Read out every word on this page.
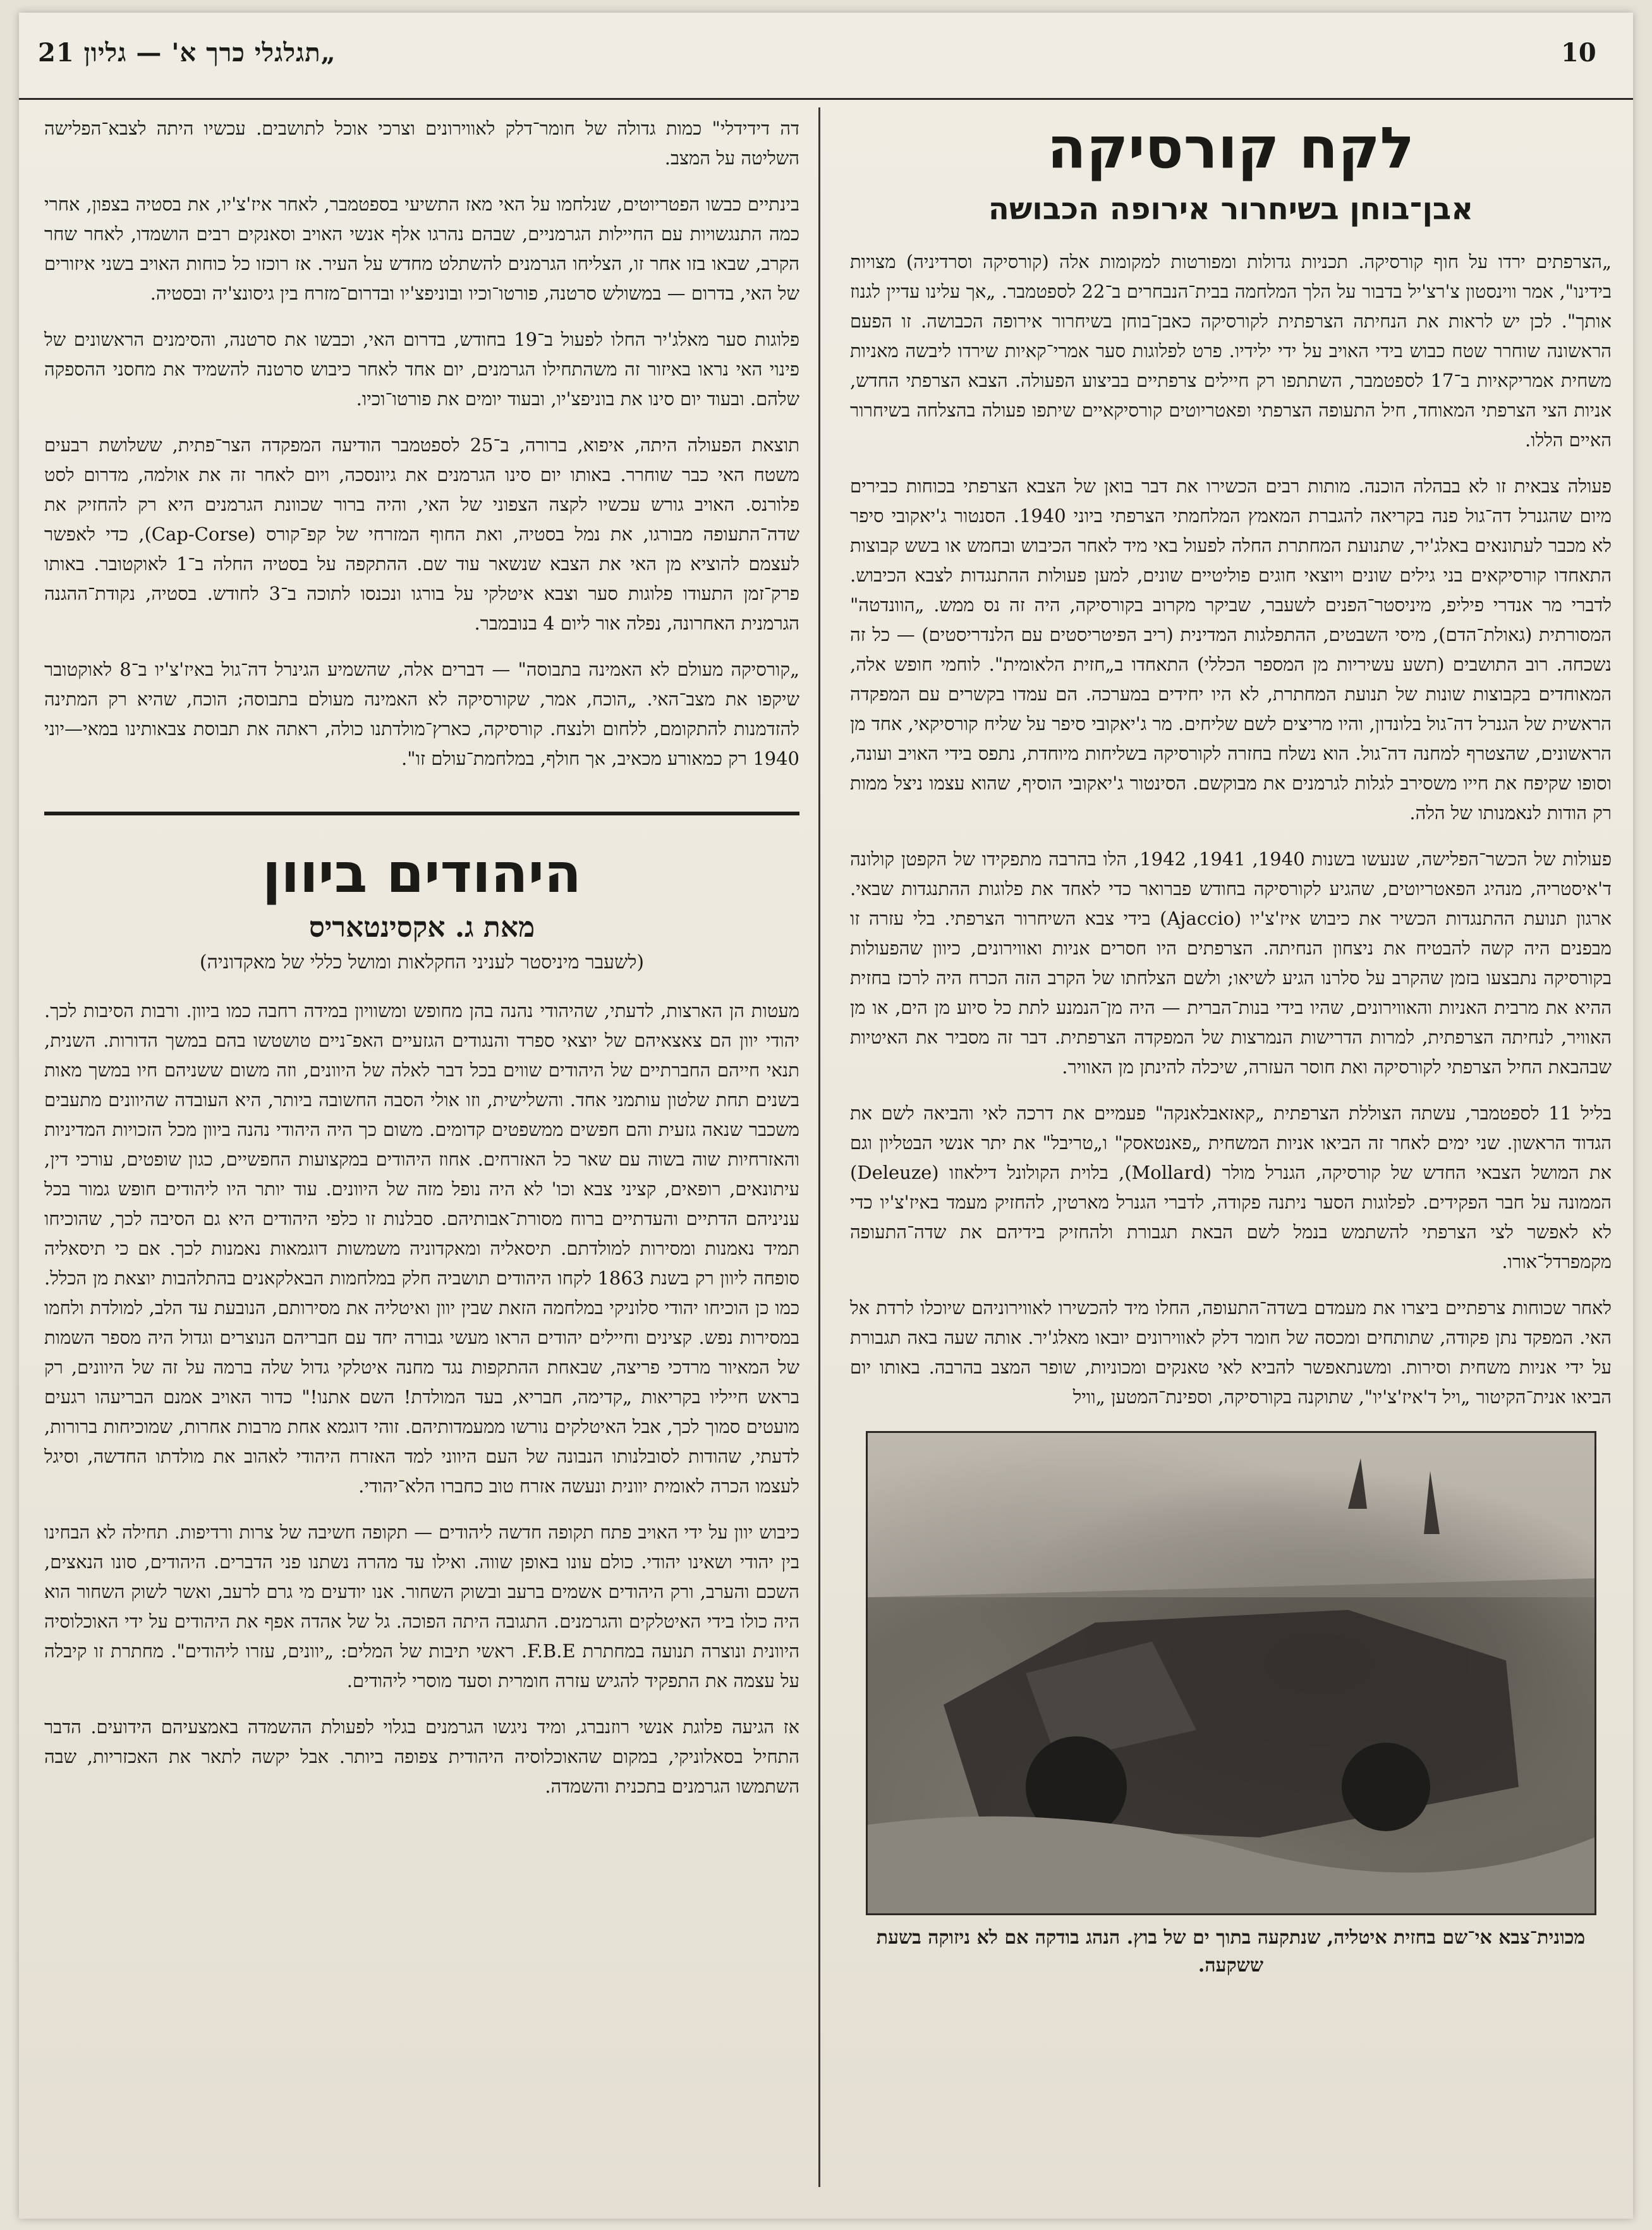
10
„תגלגלי כרך א' — גליון 21
לקח קורסיקה
אבן־בוחן בשיחרור אירופה הכבושה

„הצרפתים ירדו על חוף קורסיקה. תכניות גדולות ומפורטות למקומות אלה (קורסיקה וסרדיניה) מצויות בידינו", אמר ווינסטון צ'רצ'יל בדבור על הלך המלחמה בבית־הנבחרים ב־22 לספטמבר. „אך עלינו עדיין לגנוז אותך". לכן יש לראות את הנחיתה הצרפתית לקורסיקה כאבן־בוחן בשיחרור אירופה הכבושה. זו הפעם הראשונה שוחרר שטח כבוש בידי האויב על ידי ילידיו. פרט לפלוגות סער אמרי־קאיות שירדו ליבשה מאניות משחית אמריקאיות ב־17 לספטמבר, השתתפו רק חיילים צרפתיים בביצוע הפעולה. הצבא הצרפתי החדש, אניות הצי הצרפתי המאוחד, חיל התעופה הצרפתי ופאטריוטים קורסיקאיים שיתפו פעולה בהצלחה בשיחרור האיים הללו.

פעולה צבאית זו לא בבהלה הוכנה. מותות רבים הכשירו את דבר בואן של הצבא הצרפתי בכוחות כבירים מיום שהגנרל דה־גול פנה בקריאה להגברת המאמץ המלחמתי הצרפתי ביוני 1940. הסנטור ג'יאקובי סיפר לא מכבר לעתונאים באלג'יר, שתנועת המחתרת החלה לפעול באי מיד לאחר הכיבוש ובחמש או בשש קבוצות התאחדו קורסיקאים בני גילים שונים ויוצאי חוגים פוליטיים שונים, למען פעולות ההתנגדות לצבא הכיבוש. לדברי מר אנדרי פיליפ, מיניסטר־הפנים לשעבר, שביקר מקרוב בקורסיקה, היה זה נס ממש. „הוונדטה" המסורתית (גאולת־הדם), מיסי השבטים, ההתפלגות המדינית (ריב הפיטריסטים עם הלנדריסטים) — כל זה נשכחה. רוב התושבים (תשע עשיריות מן המספר הכללי) התאחדו ב„חזית הלאומית". לוחמי חופש אלה, המאוחדים בקבוצות שונות של תנועת המחתרת, לא היו יחידים במערכה. הם עמדו בקשרים עם המפקדה הראשית של הגנרל דה־גול בלונדון, והיו מריצים לשם שליחים. מר ג'יאקובי סיפר על שליח קורסיקאי, אחד מן הראשונים, שהצטרף למחנה דה־גול. הוא נשלח בחזרה לקורסיקה בשליחות מיוחדת, נתפס בידי האויב ועונה, וסופו שקיפח את חייו משסירב לגלות לגרמנים את מבוקשם. הסינטור ג'יאקובי הוסיף, שהוא עצמו ניצל ממות רק הודות לנאמנותו של הלה.

פעולות של הכשר־הפלישה, שנעשו בשנות 1940, 1941, 1942, הלו בהרבה מתפקידו של הקפטן קולונה ד'איסטריה, מנהיג הפאטריוטים, שהגיע לקורסיקה בחודש פברואר כדי לאחד את פלוגות ההתנגדות שבאי. ארגון תנועת ההתנגדות הכשיר את כיבוש איז'צ'יו (Ajaccio) בידי צבא השיחרור הצרפתי. בלי עזרה זו מבפנים היה קשה להבטיח את ניצחון הנחיתה. הצרפתים היו חסרים אניות ואווירונים, כיוון שהפעולות בקורסיקה נתבצעו בזמן שהקרב על סלרנו הגיע לשיאו; ולשם הצלחתו של הקרב הזה הכרח היה לרכז בחזית ההיא את מרבית האניות והאווירונים, שהיו בידי בנות־הברית — היה מן־הנמנע לתת כל סיוע מן הים, או מן האוויר, לנחיתה הצרפתית, למרות הדרישות הנמרצות של המפקדה הצרפתית. דבר זה מסביר את האיטיות שבהבאת החיל הצרפתי לקורסיקה ואת חוסר העזרה, שיכלה להינתן מן האוויר.

בליל 11 לספטמבר, עשתה הצוללת הצרפתית „קאזאבלאנקה" פעמיים את דרכה לאי והביאה לשם את הגדוד הראשון. שני ימים לאחר זה הביאו אניות המשחית „פאנטאסק" ו„טריבל" את יתר אנשי הבטליון וגם את המושל הצבאי החדש של קורסיקה, הגנרל מולר (Mollard), בלוית הקולונל דילאוזו (Deleuze) הממונה על חבר הפקידים. לפלוגות הסער ניתנה פקודה, לדברי הגנרל מארטין, להחזיק מעמד באיז'צ'יו כדי לא לאפשר לצי הצרפתי להשתמש בנמל לשם הבאת תגבורת ולהחזיק בידיהם את שדה־התעופה מקמפרדל־אורו.

לאחר שכוחות צרפתיים ביצרו את מעמדם בשדה־התעופה, החלו מיד להכשירו לאווירוניהם שיוכלו לרדת אל האי. המפקד נתן פקודה, שתותחים ומכסה של חומר דלק לאווירונים יובאו מאלג'יר. אותה שעה באה תגבורת על ידי אניות משחית וסירות. ומשנתאפשר להביא לאי טאנקים ומכוניות, שופר המצב בהרבה. באותו יום הביאו אנית־הקיטור „ויל ד'איז'צ'יו", שתוקנה בקורסיקה, וספינת־המטען „וויל

מכונית־צבא אי־שם בחזית איטליה, שנתקעה בתוך ים של בוץ. הנהג בודקה אם לא ניזוקה בשעת ששקעה.

דה דידידלי" כמות גדולה של חומר־דלק לאווירונים וצרכי אוכל לתושבים. עכשיו היתה לצבא־הפלישה השליטה על המצב.

בינתיים כבשו הפטריוטים, שנלחמו על האי מאז התשיעי בספטמבר, לאחר איז'צ'יו, את בסטיה בצפון, אחרי כמה התנגשויות עם החיילות הגרמניים, שבהם נהרגו אלף אנשי האויב וסאנקים רבים הושמדו, לאחר שחר הקרב, שבאו בזו אחר זו, הצליחו הגרמנים להשתלט מחדש על העיר. אז רוכזו כל כוחות האויב בשני איזורים של האי, בדרום — במשולש סרטנה, פורטו־וכיו ובוניפצ'יו ובדרום־מזרח בין גיסונצ'יה ובסטיה.

פלוגות סער מאלג'יר החלו לפעול ב־19 בחודש, בדרום האי, וכבשו את סרטנה, והסימנים הראשונים של פינוי האי נראו באיזור זה משהתחילו הגרמנים, יום אחד לאחר כיבוש סרטנה להשמיד את מחסני ההספקה שלהם. ובעוד יום סינו את בוניפצ'יו, ובעוד יומים את פורטו־וכיו.

תוצאת הפעולה היתה, איפוא, ברורה, ב־25 לספטמבר הודיעה המפקדה הצר־פתית, ששלושת רבעים משטח האי כבר שוחרר. באותו יום סינו הגרמנים את גיונסכה, ויום לאחר זה את אולמה, מדרום לסט פלורנס. האויב גורש עכשיו לקצה הצפוני של האי, והיה ברור שכוונת הגרמנים היא רק להחזיק את שדה־התעופה מבורגו, את נמל בסטיה, ואת החוף המזרחי של קפ־קורס (Cap-Corse), כדי לאפשר לעצמם להוציא מן האי את הצבא שנשאר עוד שם. ההתקפה על בסטיה החלה ב־1 לאוקטובר. באותו פרק־זמן התעודו פלוגות סער וצבא איטלקי על בורגו ונכנסו לתוכה ב־3 לחודש. בסטיה, נקודת־ההגנה הגרמנית האחרונה, נפלה אור ליום 4 בנובמבר.

„קורסיקה מעולם לא האמינה בתבוסה" — דברים אלה, שהשמיע הגינרל דה־גול באיז'צ'יו ב־8 לאוקטובר שיקפו את מצב־האי. „הוכח, אמר, שקורסיקה לא האמינה מעולם בתבוסה; הוכח, שהיא רק המתינה להזדמנות להתקומם, ללחום ולנצח. קורסיקה, כארץ־מולדתנו כולה, ראתה את תבוסת צבאותינו במאי—יוני 1940 רק כמאורע מכאיב, אך חולף, במלחמת־עולם זו".

היהודים ביוון
מאת ג. אקסינטאריס
(לשעבר מיניסטר לעניני החקלאות ומושל כללי של מאקדוניה)

מעטות הן הארצות, לדעתי, שהיהודי נהנה בהן מחופש ומשוויון במידה רחבה כמו ביוון. ורבות הסיבות לכך. יהודי יוון הם צאצאיהם של יוצאי ספרד והנגודים הגזעיים האפ־ניים טושטשו בהם במשך הדורות. השנית, תנאי חייהם החברתיים של היהודים שווים בכל דבר לאלה של היוונים, וזה משום ששניהם חיו במשך מאות בשנים תחת שלטון עותמני אחד. והשלישית, וזו אולי הסבה החשובה ביותר, היא העובדה שהיוונים מתעבים משכבר שנאה גזעית והם חפשים ממשפטים קדומים. משום כך היה היהודי נהנה ביוון מכל הזכויות המדיניות והאזרחיות שוה בשוה עם שאר כל האזרחים. אחוז היהודים במקצועות החפשיים, כגון שופטים, עורכי דין, עיתונאים, רופאים, קציני צבא וכו' לא היה נופל מזה של היוונים. עוד יותר היו ליהודים חופש גמור בכל עניניהם הדתיים והעדתיים ברוח מסורת־אבותיהם. סבלנות זו כלפי היהודים היא גם הסיבה לכך, שהוכיחו תמיד נאמנות ומסירות למולדתם. תיסאליה ומאקדוניה משמשות דוגמאות נאמנות לכך. אם כי תיסאליה סופחה ליוון רק בשנת 1863 לקחו היהודים תושביה חלק במלחמות הבאלקאנים בהתלהבות יוצאת מן הכלל. כמו כן הוכיחו יהודי סלוניקי במלחמה הזאת שבין יוון ואיטליה את מסירותם, הנובעת עד הלב, למולדת ולחמו במסירות נפש. קצינים וחיילים יהודים הראו מעשי גבורה יחד עם חבריהם הנוצרים וגדול היה מספר השמות של המאיור מרדכי פריצה, שבאחת ההתקפות נגד מחנה איטלקי גדול שלה ברמה על זה של היוונים, רק בראש חייליו בקריאות „קדימה, חבריא, בעד המולדת! השם אתנו!" כדור האויב אמנם הבריעהו רגעים מועטים סמוך לכך, אבל האיטלקים נורשו ממעמדותיהם. זוהי דוגמא אחת מרבות אחרות, שמוכיחות ברורות, לדעתי, שהודות לסובלנותו הנבונה של העם היווני למד האזרח היהודי לאהוב את מולדתו החדשה, וסיגל לעצמו הכרה לאומית יוונית ונעשה אזרח טוב כחברו הלא־יהודי.

כיבוש יוון על ידי האויב פתח תקופה חדשה ליהודים — תקופה חשיבה של צרות ורדיפות. תחילה לא הבחינו בין יהודי ושאינו יהודי. כולם עונו באופן שווה. ואילו עד מהרה נשתנו פני הדברים. היהודים, סונו הנאצים, השכם והערב, ורק היהודים אשמים ברעב ובשוק השחור. אנו יודעים מי גרם לרעב, ואשר לשוק השחור הוא היה כולו בידי האיטלקים והגרמנים. התגובה היתה הפוכה. גל של אהדה אפף את היהודים על ידי האוכלוסיה היוונית ונוצרה תנועה במחתרת F.B.E. ראשי תיבות של המלים: „יוונים, עזרו ליהודים". מחתרת זו קיבלה על עצמה את התפקיד להגיש עזרה חומרית וסעד מוסרי ליהודים.

אז הגיעה פלוגת אנשי רוזנברג, ומיד ניגשו הגרמנים בגלוי לפעולת ההשמדה באמצעיהם הידועים. הדבר התחיל בסאלוניקי, במקום שהאוכלוסיה היהודית צפופה ביותר. אבל יקשה לתאר את האכזריות, שבה השתמשו הגרמנים בתכנית והשמדה.
